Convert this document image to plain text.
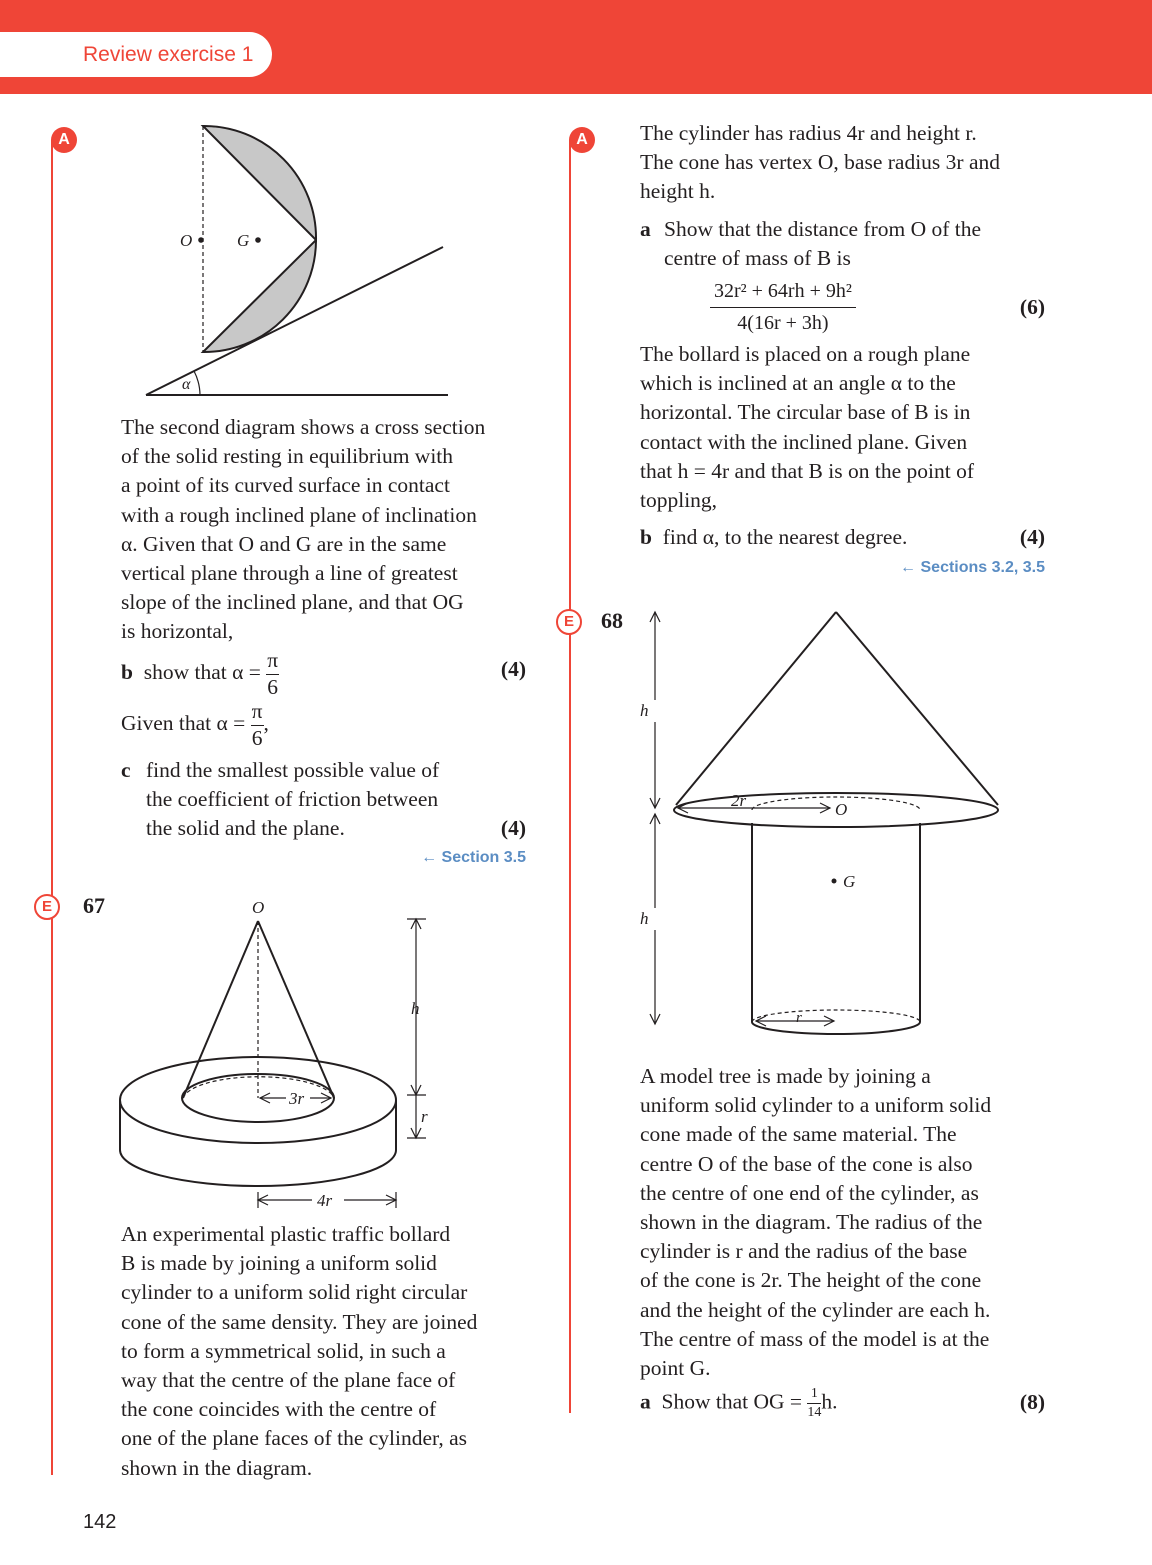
Review exercise 1
A
E
A
E
O	G
α
The second diagram shows a cross section
of the solid resting in equilibrium with
a point of its curved surface in contact
with a rough inclined plane of inclination
α. Given that O and G are in the same
vertical plane through a line of greatest
slope of the inclined plane, and that OG
is horizontal,
b show that $\alpha = \frac{\pi}{6}$	(4)
Given that $\alpha = \frac{\pi}{6}$ ,
c find the smallest possible value of
the coefficient of friction between
the solid and the plane.	(4)
← Section 3.5
67	O
h
r
3r
4r
An experimental plastic traffic bollard
B is made by joining a uniform solid
cylinder to a uniform solid right circular
cone of the same density. They are joined
to form a symmetrical solid, in such a
way that the centre of the plane face of
the cone coincides with the centre of
one of the plane faces of the cylinder, as
shown in the diagram.
The cylinder has radius 4r and height r.
The cone has vertex O, base radius 3r and
height h.
a Show that the distance from O of the
centre of mass of B is
$\frac{\text{32r² + 64rh + 9h²}}{4(16r + 3h)}$	(6)
The bollard is placed on a rough plane
which is inclined at an angle α to the
horizontal. The circular base of B is in
contact with the inclined plane. Given
that h = 4r and that B is on the point of
toppling,
b find α, to the nearest degree.	(4)
← Sections 3.2, 3.5
68
h
h
2r	O
G
r
A model tree is made by joining a
uniform solid cylinder to a uniform solid
cone made of the same material. The
centre O of the base of the cone is also
the centre of one end of the cylinder, as
shown in the diagram. The radius of the
cylinder is r and the radius of the base
of the cone is 2r. The height of the cone
and the height of the cylinder are each h.
The centre of mass of the model is at the
point G.
a Show that OG = $\frac{1}{14} h$.	(8)
142
